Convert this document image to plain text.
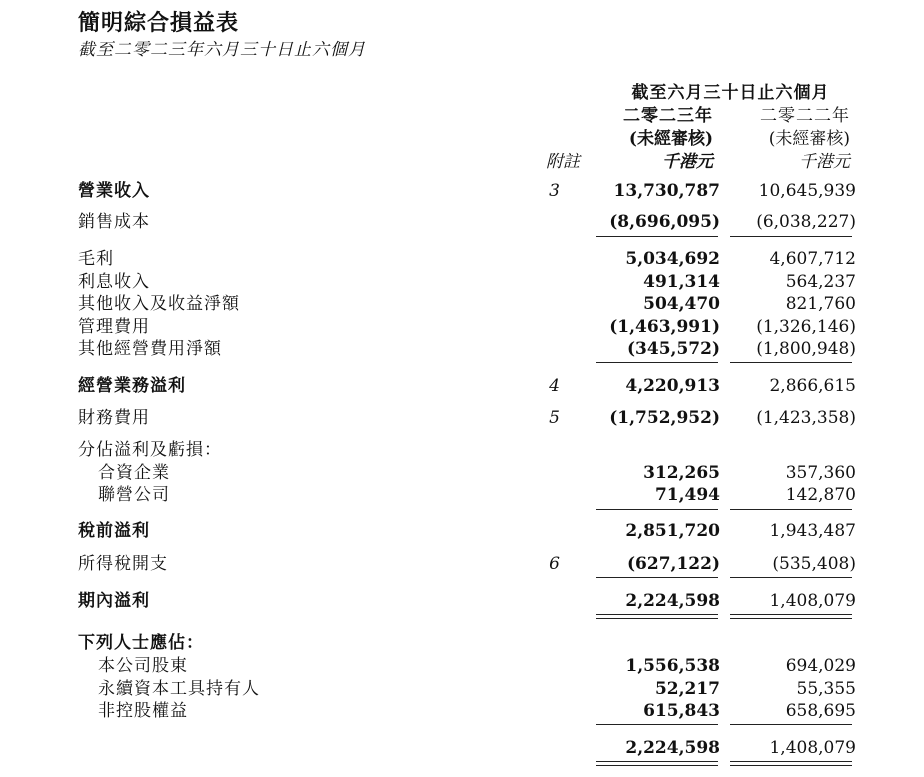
簡明綜合損益表
截至二零二三年六月三十日止六個月
截至六月三十日止六個月
二零二三年	二零二二年
(未經審核)	(未經審核)
附註	千港元	千港元
營業收入	3	13,730,787	10,645,939
銷售成本	(8,696,095)	(6,038,227)
毛利	5,034,692	4,607,712
利息收入	491,314	564,237
其他收入及收益淨額	504,470	821,760
管理費用	(1,463,991)	(1,326,146)
其他經營費用淨額	(345,572)	(1,800,948)
經營業務溢利	4	4,220,913	2,866,615
財務費用	5	(1,752,952)	(1,423,358)
分佔溢利及虧損：
合資企業	312,265	357,360
聯營公司	71,494	142,870
稅前溢利	2,851,720	1,943,487
所得稅開支	6	(627,122)	(535,408)
期內溢利	2,224,598	1,408,079
下列人士應佔：
本公司股東	1,556,538	694,029
永續資本工具持有人	52,217	55,355
非控股權益	615,843	658,695
2,224,598	1,408,079
